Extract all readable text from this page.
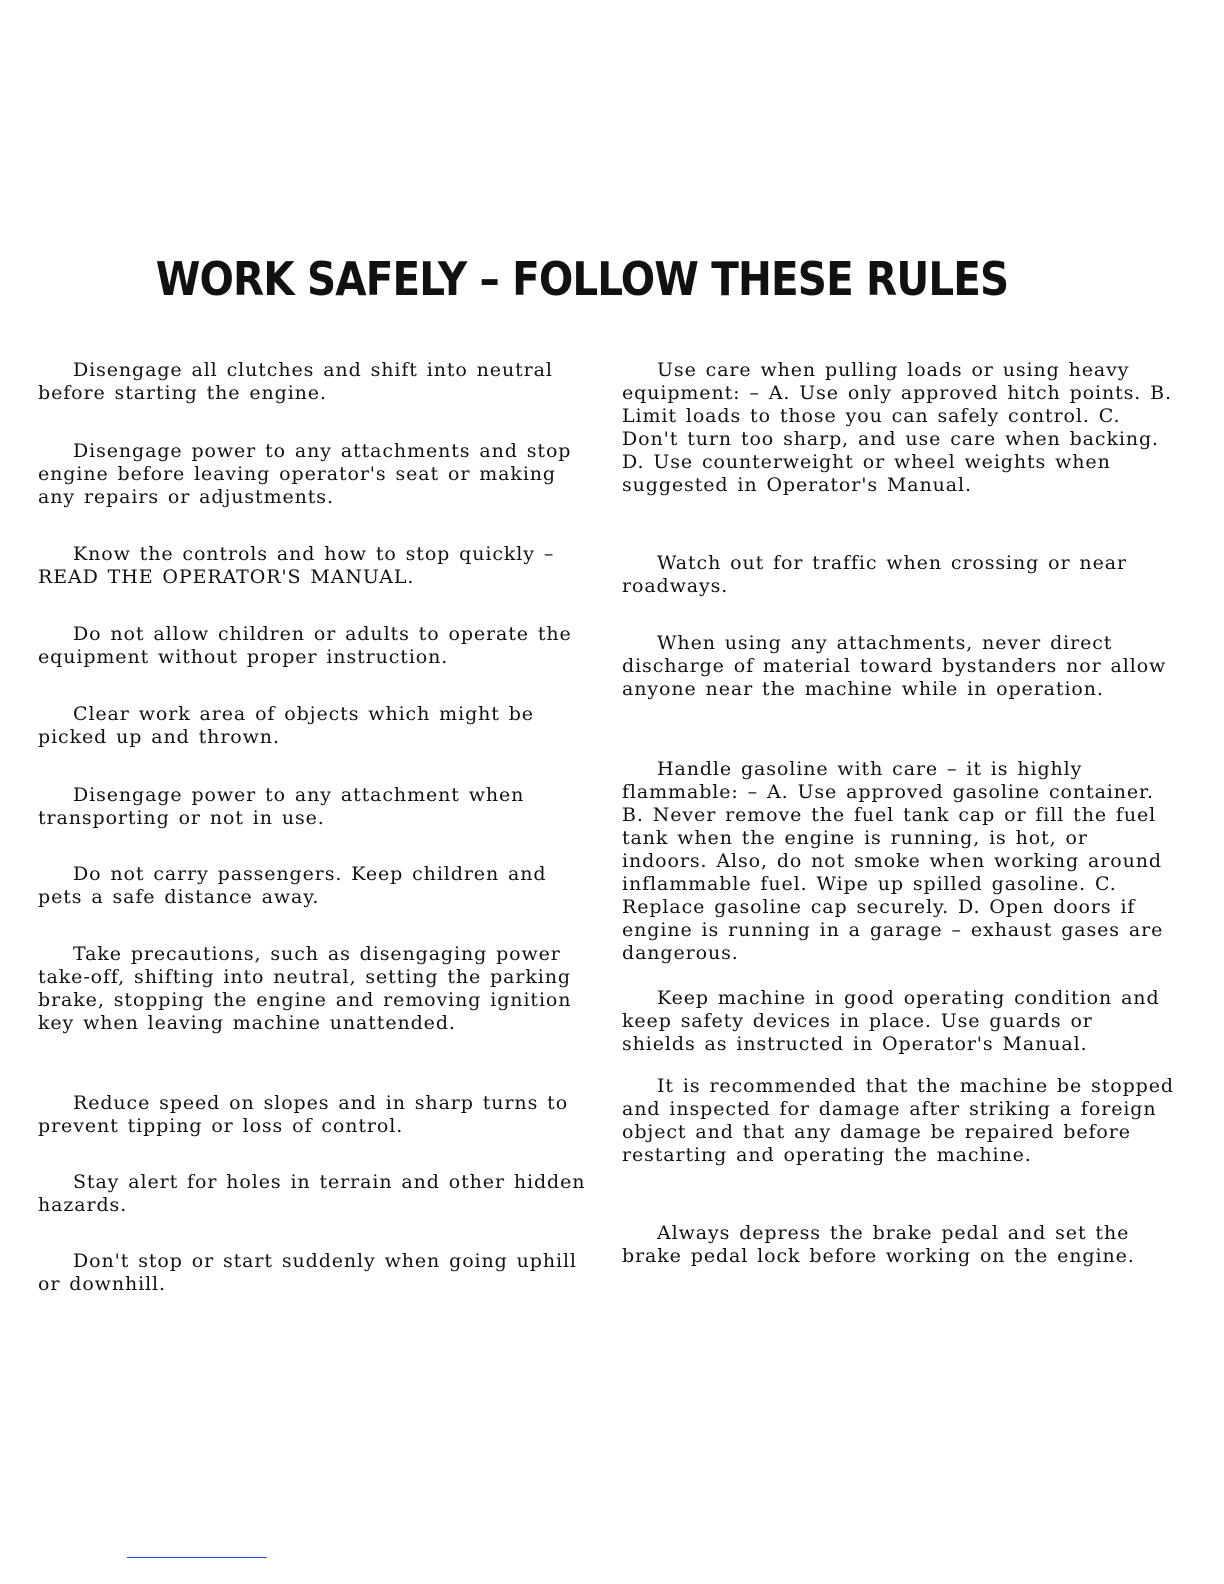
WORK SAFELY – FOLLOW THESE RULES

Disengage all clutches and shift into neutral before starting the engine.

Disengage power to any attachments and stop engine before leaving operator's seat or making any repairs or adjustments.

Know the controls and how to stop quickly – READ THE OPERATOR'S MANUAL.

Do not allow children or adults to operate the equipment without proper instruction.

Clear work area of objects which might be picked up and thrown.

Disengage power to any attachment when transporting or not in use.

Do not carry passengers. Keep children and pets a safe distance away.

Take precautions, such as disengaging power take-off, shifting into neutral, setting the parking brake, stopping the engine and removing ignition key when leaving machine unattended.

Reduce speed on slopes and in sharp turns to prevent tipping or loss of control.

Stay alert for holes in terrain and other hidden hazards.

Don't stop or start suddenly when going uphill or downhill.

Use care when pulling loads or using heavy equipment: – A. Use only approved hitch points. B. Limit loads to those you can safely control. C. Don't turn too sharp, and use care when backing. D. Use counterweight or wheel weights when suggested in Operator's Manual.

Watch out for traffic when crossing or near roadways.

When using any attachments, never direct discharge of material toward bystanders nor allow anyone near the machine while in operation.

Handle gasoline with care – it is highly flammable: – A. Use approved gasoline container. B. Never remove the fuel tank cap or fill the fuel tank when the engine is running, is hot, or indoors. Also, do not smoke when working around inflammable fuel. Wipe up spilled gasoline. C. Replace gasoline cap securely. D. Open doors if engine is running in a garage – exhaust gases are dangerous.

Keep machine in good operating condition and keep safety devices in place. Use guards or shields as instructed in Operator's Manual.

It is recommended that the machine be stopped and inspected for damage after striking a foreign object and that any damage be repaired before restarting and operating the machine.

Always depress the brake pedal and set the brake pedal lock before working on the engine.
